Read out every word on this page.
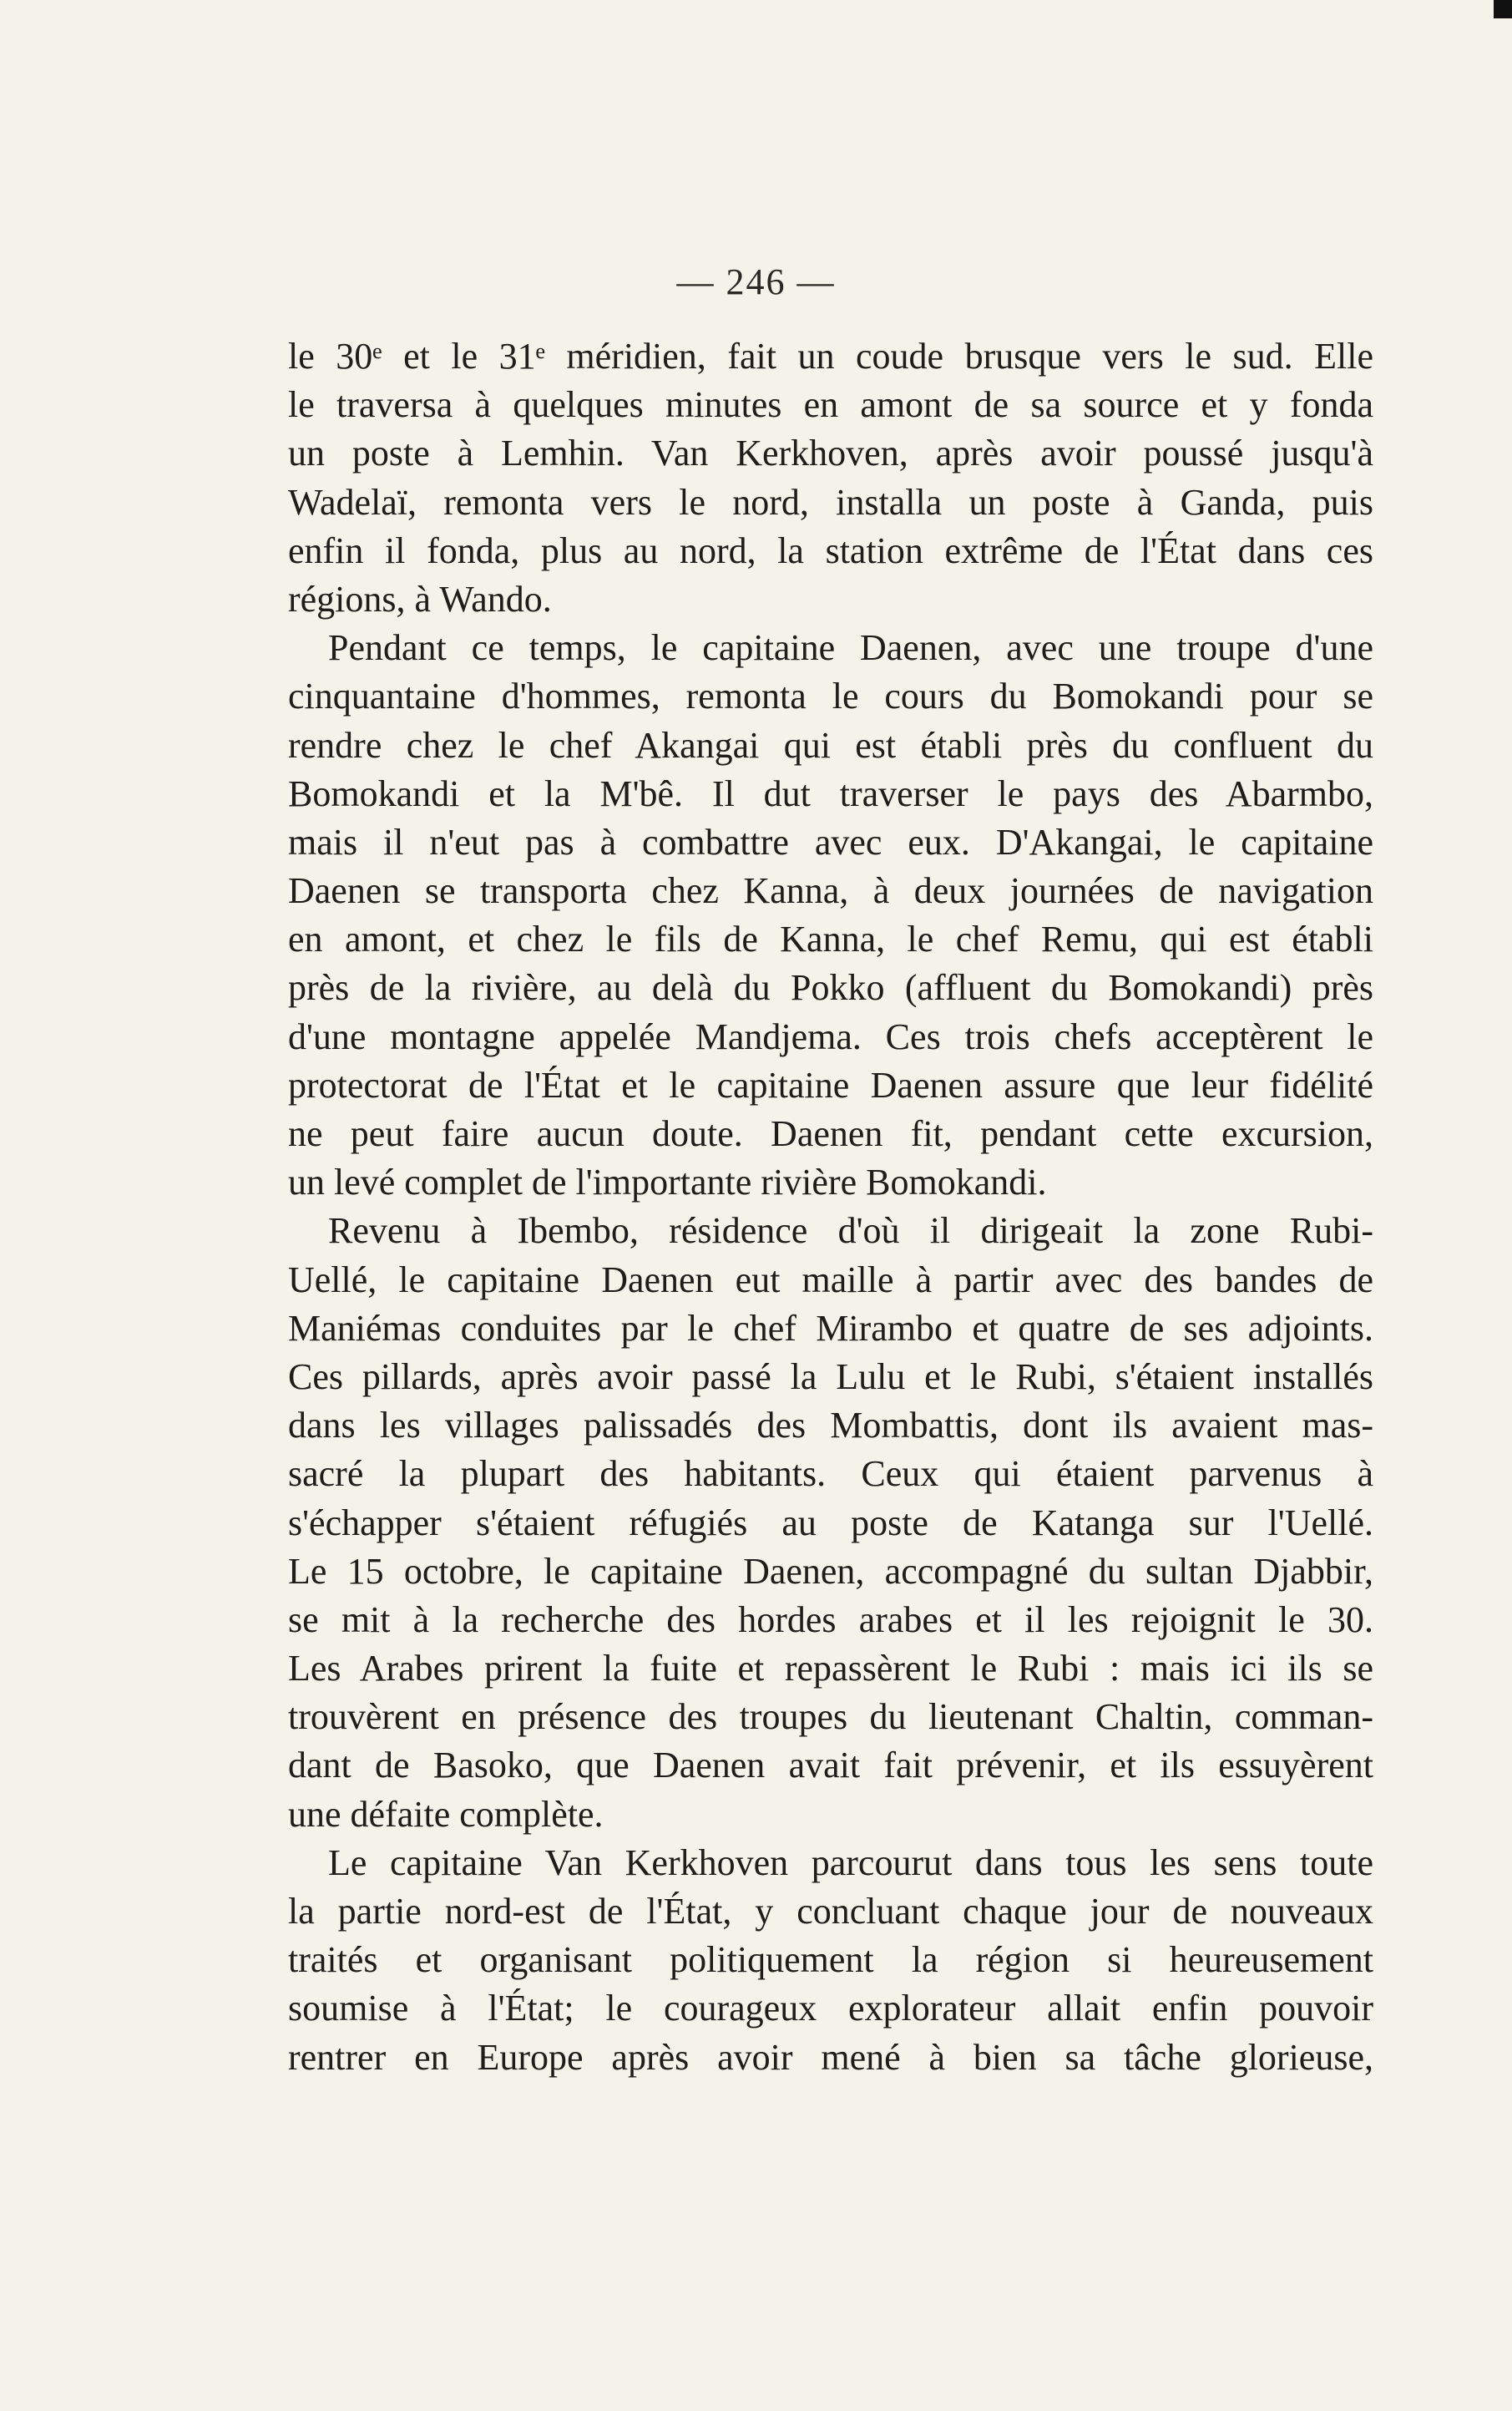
— 246 —
le 30ᵉ et le 31ᵉ méridien, fait un coude brusque vers le sud. Elle
le traversa à quelques minutes en amont de sa source et y fonda
un poste à Lemhin. Van Kerkhoven, après avoir poussé jusqu'à
Wadelaï, remonta vers le nord, installa un poste à Ganda, puis
enfin il fonda, plus au nord, la station extrême de l'État dans ces
régions, à Wando.
Pendant ce temps, le capitaine Daenen, avec une troupe d'une
cinquantaine d'hommes, remonta le cours du Bomokandi pour se
rendre chez le chef Akangai qui est établi près du confluent du
Bomokandi et la M'bê. Il dut traverser le pays des Abarmbo,
mais il n'eut pas à combattre avec eux. D'Akangai, le capitaine
Daenen se transporta chez Kanna, à deux journées de navigation
en amont, et chez le fils de Kanna, le chef Remu, qui est établi
près de la rivière, au delà du Pokko (affluent du Bomokandi) près
d'une montagne appelée Mandjema. Ces trois chefs acceptèrent le
protectorat de l'État et le capitaine Daenen assure que leur fidélité
ne peut faire aucun doute. Daenen fit, pendant cette excursion,
un levé complet de l'importante rivière Bomokandi.
Revenu à Ibembo, résidence d'où il dirigeait la zone Rubi-
Uellé, le capitaine Daenen eut maille à partir avec des bandes de
Maniémas conduites par le chef Mirambo et quatre de ses adjoints.
Ces pillards, après avoir passé la Lulu et le Rubi, s'étaient installés
dans les villages palissadés des Mombattis, dont ils avaient mas-
sacré la plupart des habitants. Ceux qui étaient parvenus à
s'échapper s'étaient réfugiés au poste de Katanga sur l'Uellé.
Le 15 octobre, le capitaine Daenen, accompagné du sultan Djabbir,
se mit à la recherche des hordes arabes et il les rejoignit le 30.
Les Arabes prirent la fuite et repassèrent le Rubi : mais ici ils se
trouvèrent en présence des troupes du lieutenant Chaltin, comman-
dant de Basoko, que Daenen avait fait prévenir, et ils essuyèrent
une défaite complète.
Le capitaine Van Kerkhoven parcourut dans tous les sens toute
la partie nord-est de l'État, y concluant chaque jour de nouveaux
traités et organisant politiquement la région si heureusement
soumise à l'État; le courageux explorateur allait enfin pouvoir
rentrer en Europe après avoir mené à bien sa tâche glorieuse,
